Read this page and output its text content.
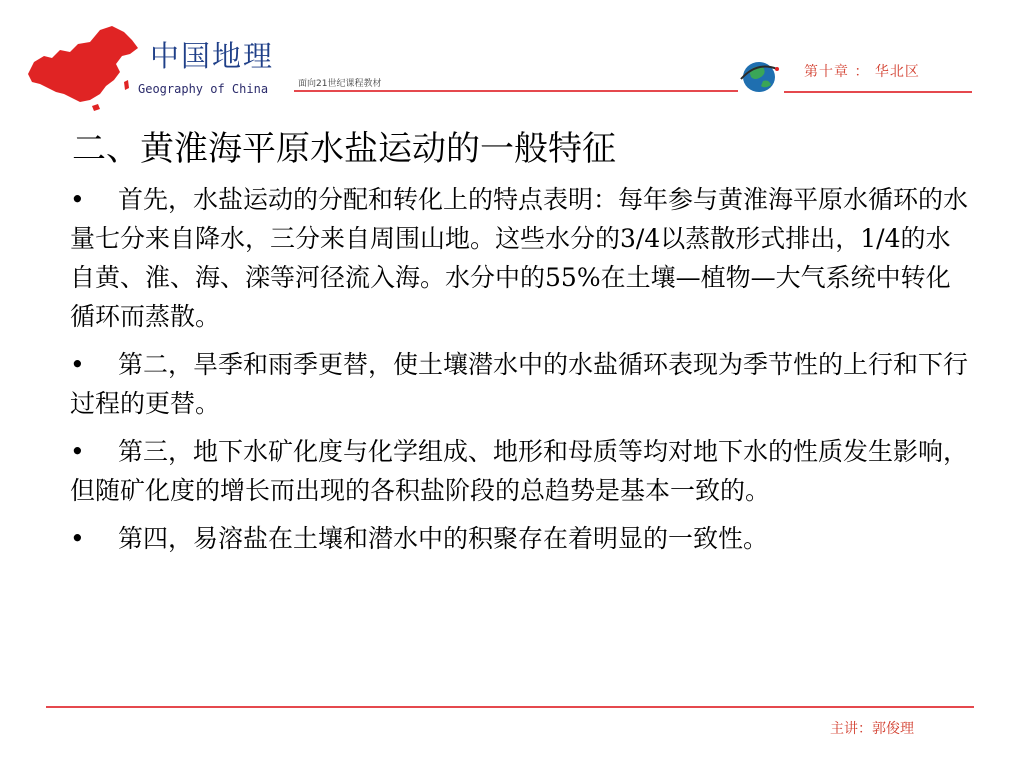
中国地理
Geography of China	面向21世纪课程教材
第十章 ： 华北区
二、黄淮海平原水盐运动的一般特征
• 首先，水盐运动的分配和转化上的特点表明：每年参与黄淮海平原水循环的水量七分来自降水，三分来自周围山地。这些水分的3/4以蒸散形式排出，1/4的水自黄、淮、海、滦等河径流入海。水分中的55%在土壤—植物—大气系统中转化循环而蒸散。
• 第二，旱季和雨季更替，使土壤潜水中的水盐循环表现为季节性的上行和下行过程的更替。
• 第三，地下水矿化度与化学组成、地形和母质等均对地下水的性质发生影响，但随矿化度的增长而出现的各积盐阶段的总趋势是基本一致的。
• 第四，易溶盐在土壤和潜水中的积聚存在着明显的一致性。
主讲：郭俊理
